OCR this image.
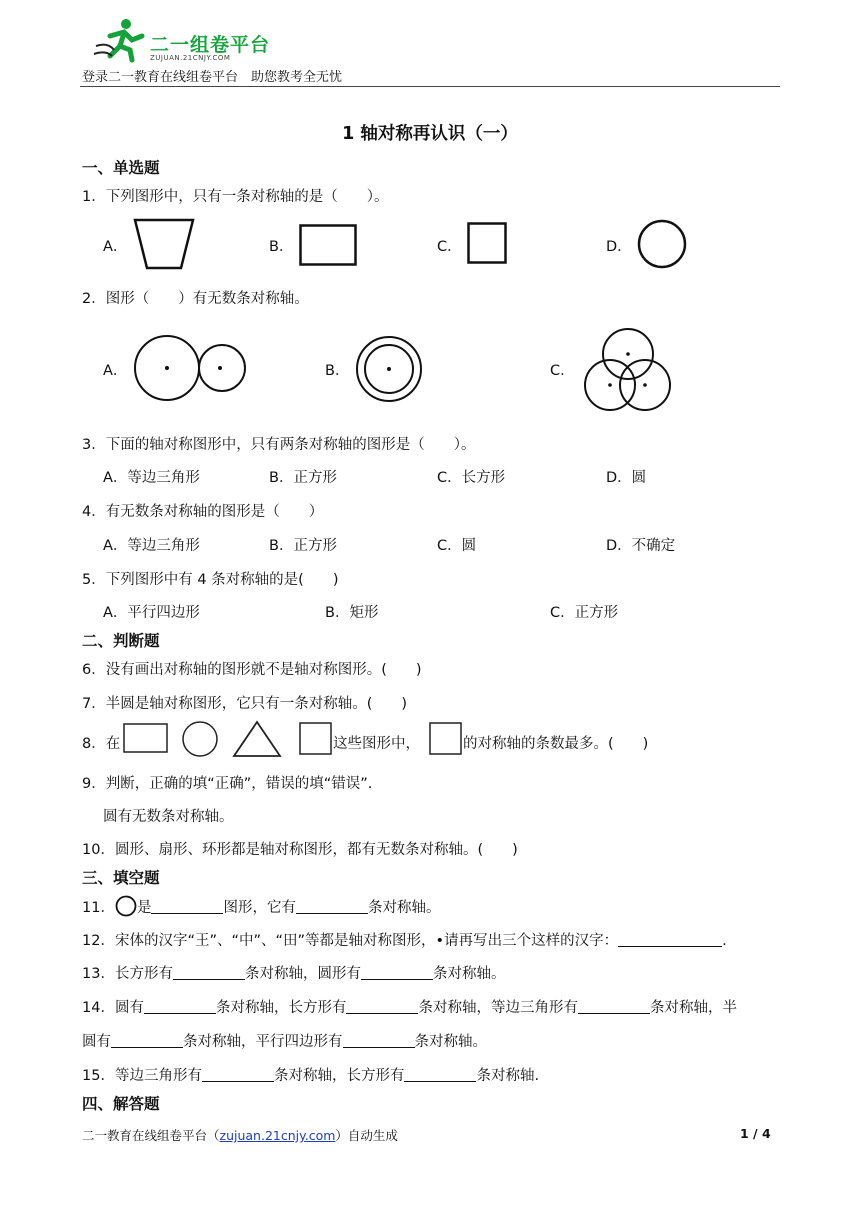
二一组卷平台
ZUJUAN.21CNJY.COM
登录二一教育在线组卷平台　助您教考全无忧
1 轴对称再认识（一）
一、单选题
1．下列图形中，只有一条对称轴的是（　　）。
A．	B．	C．	D．
2．图形（　　）有无数条对称轴。
A．	B．	C．
3．下面的轴对称图形中，只有两条对称轴的图形是（　　）。
A．等边三角形	B．正方形	C．长方形	D．圆
4．有无数条对称轴的图形是（　　）
A．等边三角形	B．正方形	C．圆	D．不确定
5．下列图形中有 4 条对称轴的是(　　)
A．平行四边形	B．矩形	C．正方形
二、判断题
6．没有画出对称轴的图形就不是轴对称图形。(　　)
7．半圆是轴对称图形，它只有一条对称轴。(　　)
8．在	这些图形中，	的对称轴的条数最多。(　　)
9．判断，正确的填“正确”，错误的填“错误”.
圆有无数条对称轴。
10．圆形、扇形、环形都是轴对称图形，都有无数条对称轴。(　　)
三、填空题
11． 是	图形，它有	条对称轴。
12．宋体的汉字“王”、“中”、“田”等都是轴对称图形，•请再写出三个这样的汉字：	.
13．长方形有	条对称轴，圆形有	条对称轴。
14．圆有	条对称轴，长方形有	条对称轴，等边三角形有	条对称轴，半
圆有	条对称轴，平行四边形有	条对称轴。
15．等边三角形有	条对称轴，长方形有	条对称轴.
四、解答题
二一教育在线组卷平台（zujuan.21cnjy.com）自动生成	1 / 4
